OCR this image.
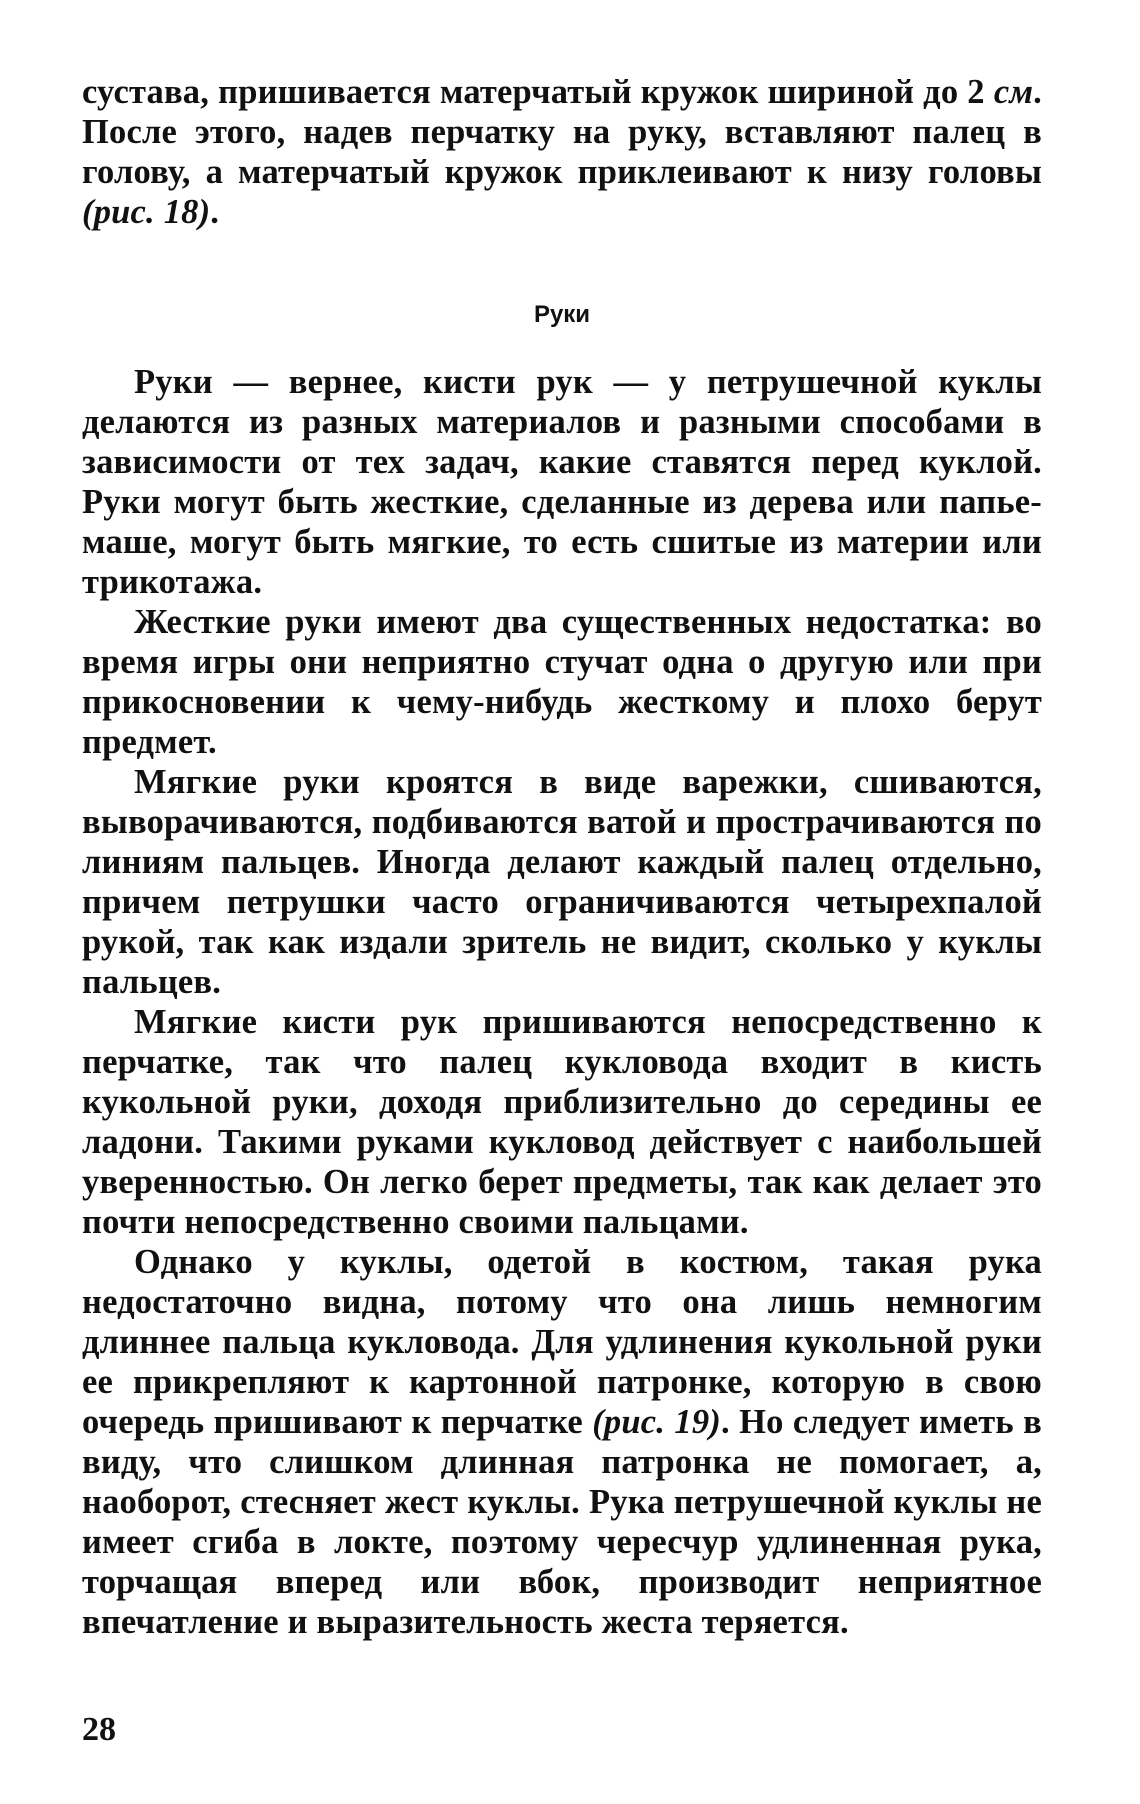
сустава, пришивается матерчатый кружок шириной до 2 см. После этого, надев перчатку на руку, вставляют палец в голову, а матерчатый кружок приклеивают к низу головы (рис. 18).

Руки

Руки — вернее, кисти рук — у петрушечной куклы делаются из разных материалов и разными способами в зависимости от тех задач, какие ставятся перед куклой. Руки могут быть жесткие, сделанные из дерева или папье-маше, могут быть мягкие, то есть сшитые из материи или трикотажа.

Жесткие руки имеют два существенных недостатка: во время игры они неприятно стучат одна о другую или при прикосновении к чему-нибудь жесткому и плохо берут предмет.

Мягкие руки кроятся в виде варежки, сшиваются, выворачиваются, подбиваются ватой и прострачиваются по линиям пальцев. Иногда делают каждый палец отдельно, причем петрушки часто ограничиваются четырехпалой рукой, так как издали зритель не видит, сколько у куклы пальцев.

Мягкие кисти рук пришиваются непосредственно к перчатке, так что палец кукловода входит в кисть кукольной руки, доходя приблизительно до середины ее ладони. Такими руками кукловод действует с наибольшей уверенностью. Он легко берет предметы, так как делает это почти непосредственно своими пальцами.

Однако у куклы, одетой в костюм, такая рука недостаточно видна, потому что она лишь немногим длиннее пальца кукловода. Для удлинения кукольной руки ее прикрепляют к картонной патронке, которую в свою очередь пришивают к перчатке (рис. 19). Но следует иметь в виду, что слишком длинная патронка не помогает, а, наоборот, стесняет жест куклы. Рука петрушечной куклы не имеет сгиба в локте, поэтому чересчур удлиненная рука, торчащая вперед или вбок, производит неприятное впечатление и выразительность жеста теряется.

28
